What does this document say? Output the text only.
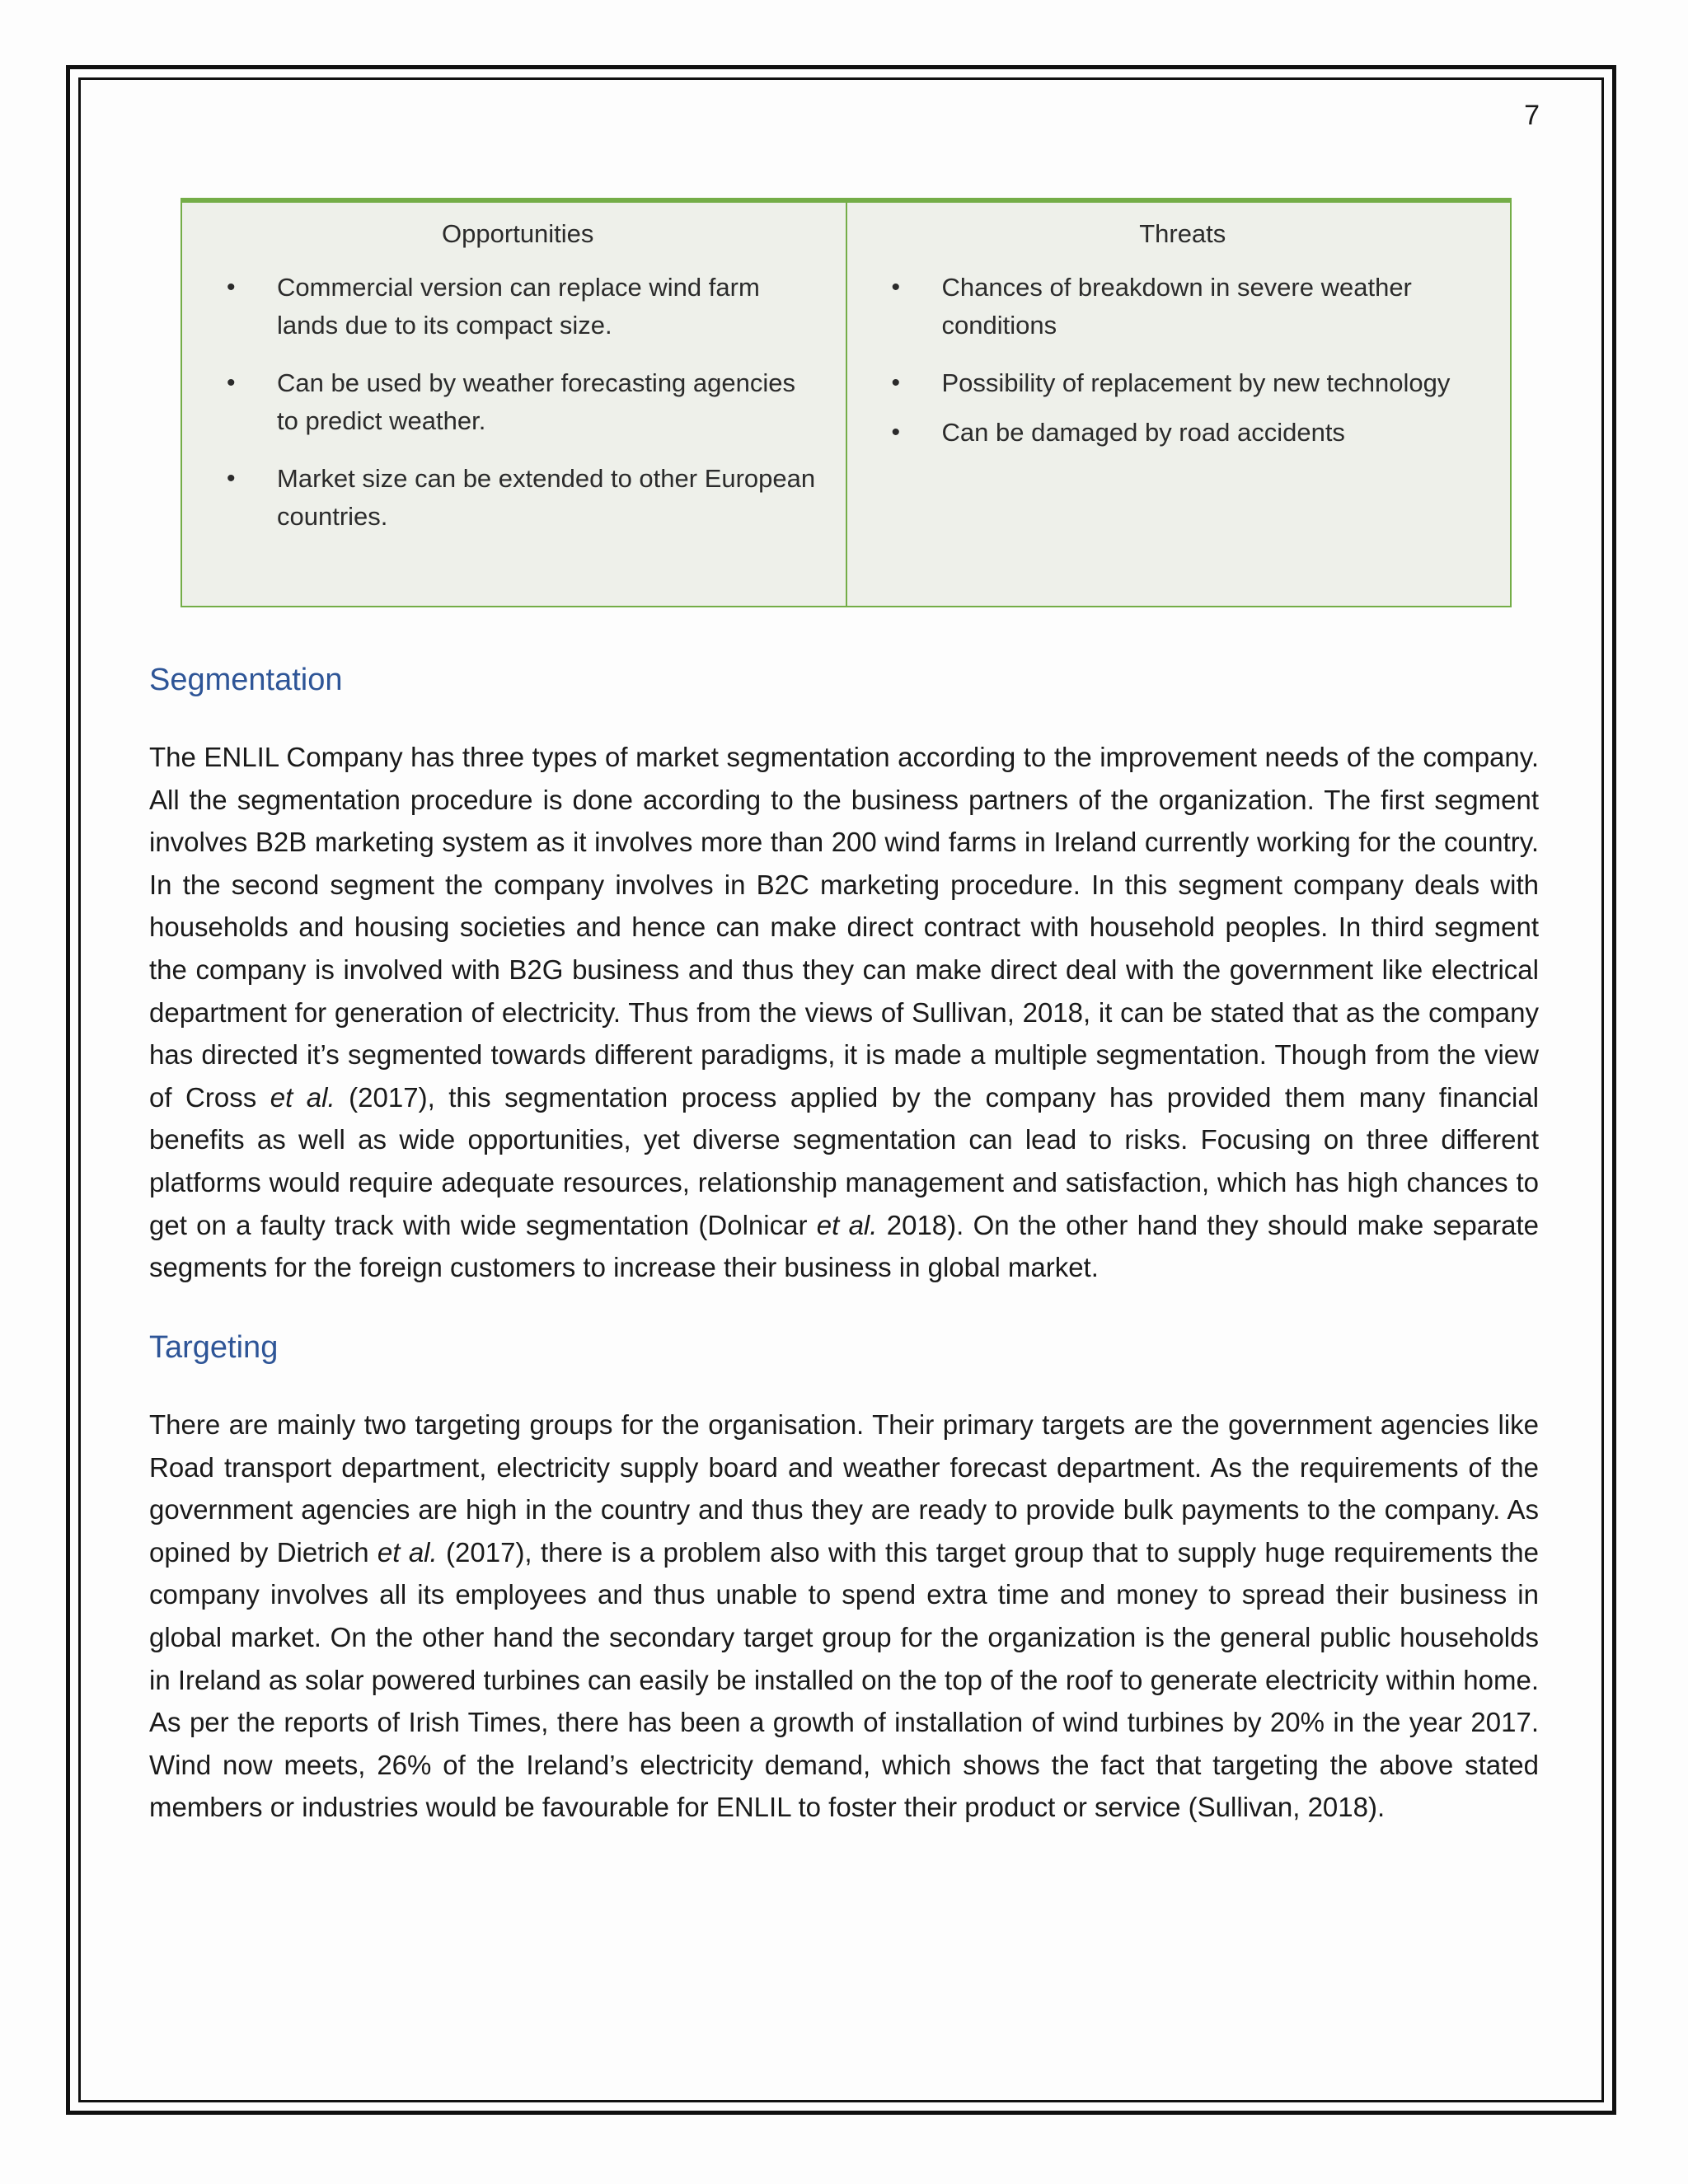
7
Opportunities
• Commercial version can replace wind farm lands due to its compact size.
• Can be used by weather forecasting agencies to predict weather.
• Market size can be extended to other European countries.
Threats
• Chances of breakdown in severe weather conditions
• Possibility of replacement by new technology
• Can be damaged by road accidents
Segmentation

The ENLIL Company has three types of market segmentation according to the improvement needs of the company. All the segmentation procedure is done according to the business partners of the organization. The first segment involves B2B marketing system as it involves more than 200 wind farms in Ireland currently working for the country. In the second segment the company involves in B2C marketing procedure. In this segment company deals with households and housing societies and hence can make direct contract with household peoples. In third segment the company is involved with B2G business and thus they can make direct deal with the government like electrical department for generation of electricity. Thus from the views of Sullivan, 2018, it can be stated that as the company has directed it’s segmented towards different paradigms, it is made a multiple segmentation. Though from the view of Cross et al. (2017), this segmentation process applied by the company has provided them many financial benefits as well as wide opportunities, yet diverse segmentation can lead to risks. Focusing on three different platforms would require adequate resources, relationship management and satisfaction, which has high chances to get on a faulty track with wide segmentation (Dolnicar et al. 2018). On the other hand they should make separate segments for the foreign customers to increase their business in global market.

Targeting

There are mainly two targeting groups for the organisation. Their primary targets are the government agencies like Road transport department, electricity supply board and weather forecast department. As the requirements of the government agencies are high in the country and thus they are ready to provide bulk payments to the company. As opined by Dietrich et al. (2017), there is a problem also with this target group that to supply huge requirements the company involves all its employees and thus unable to spend extra time and money to spread their business in global market. On the other hand the secondary target group for the organization is the general public households in Ireland as solar powered turbines can easily be installed on the top of the roof to generate electricity within home. As per the reports of Irish Times, there has been a growth of installation of wind turbines by 20% in the year 2017. Wind now meets, 26% of the Ireland’s electricity demand, which shows the fact that targeting the above stated members or industries would be favourable for ENLIL to foster their product or service (Sullivan, 2018).
